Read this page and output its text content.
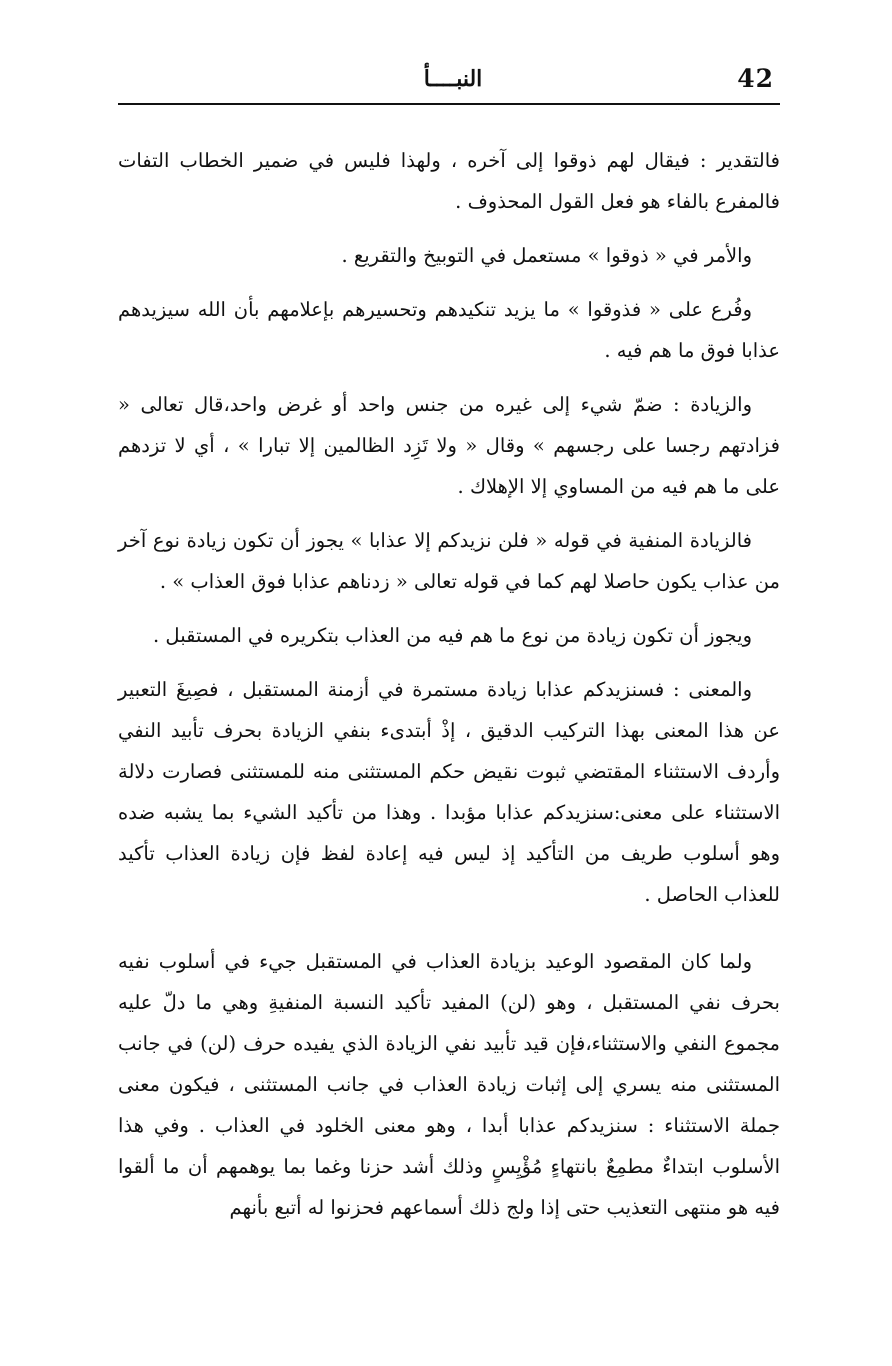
42
النبــــأ

فالتقدير : فيقال لهم ذوقوا إلى آخره ، ولهذا فليس في ضمير الخطاب التفات فالمفرع بالفاء هو فعل القول المحذوف .

والأمر في « ذوقوا » مستعمل في التوبيخ والتقريع .

وفُرع على « فذوقوا » ما يزيد تنكيدهم وتحسيرهم بإعلامهم بأن الله سيزيدهم عذابا فوق ما هم فيه .

والزيادة : ضمّ شيء إلى غيره من جنس واحد أو غرض واحد،قال تعالى « فزادتهم رجسا على رجسهم » وقال « ولا تَزِد الظالمين إلا تبارا » ، أي لا تزدهم على ما هم فيه من المساوي إلا الإهلاك .

فالزيادة المنفية في قوله « فلن نزيدكم إلا عذابا » يجوز أن تكون زيادة نوع آخر من عذاب يكون حاصلا لهم كما في قوله تعالى « زدناهم عذابا فوق العذاب » .

ويجوز أن تكون زيادة من نوع ما هم فيه من العذاب بتكريره في المستقبل .

والمعنى : فسنزيدكم عذابا زيادة مستمرة في أزمنة المستقبل ، فصِيغَ التعبير عن هذا المعنى بهذا التركيب الدقيق ، إذْ أبتدىء بنفي الزيادة بحرف تأبيد النفي وأردف الاستثناء المقتضي ثبوت نقيض حكم المستثنى منه للمستثنى فصارت دلالة الاستثناء على معنى:سنزيدكم عذابا مؤبدا . وهذا من تأكيد الشيء بما يشبه ضده وهو أسلوب طريف من التأكيد إذ ليس فيه إعادة لفظ فإن زيادة العذاب تأكيد للعذاب الحاصل .

ولما كان المقصود الوعيد بزيادة العذاب في المستقبل جيء في أسلوب نفيه بحرف نفي المستقبل ، وهو (لن) المفيد تأكيد النسبة المنفيةِ وهي ما دلّ عليه مجموع النفي والاستثناء،فإن قيد تأبيد نفي الزيادة الذي يفيده حرف (لن) في جانب المستثنى منه يسري إلى إثبات زيادة العذاب في جانب المستثنى ، فيكون معنى جملة الاستثناء : سنزيدكم عذابا أبدا ، وهو معنى الخلود في العذاب . وفي هذا الأسلوب ابتداءٌ مطمِعٌ بانتهاءٍ مُؤْيِسٍ وذلك أشد حزنا وغما بما يوهمهم أن ما ألقوا فيه هو منتهى التعذيب حتى إذا ولج ذلك أسماعهم فحزنوا له أتبع بأنهم
